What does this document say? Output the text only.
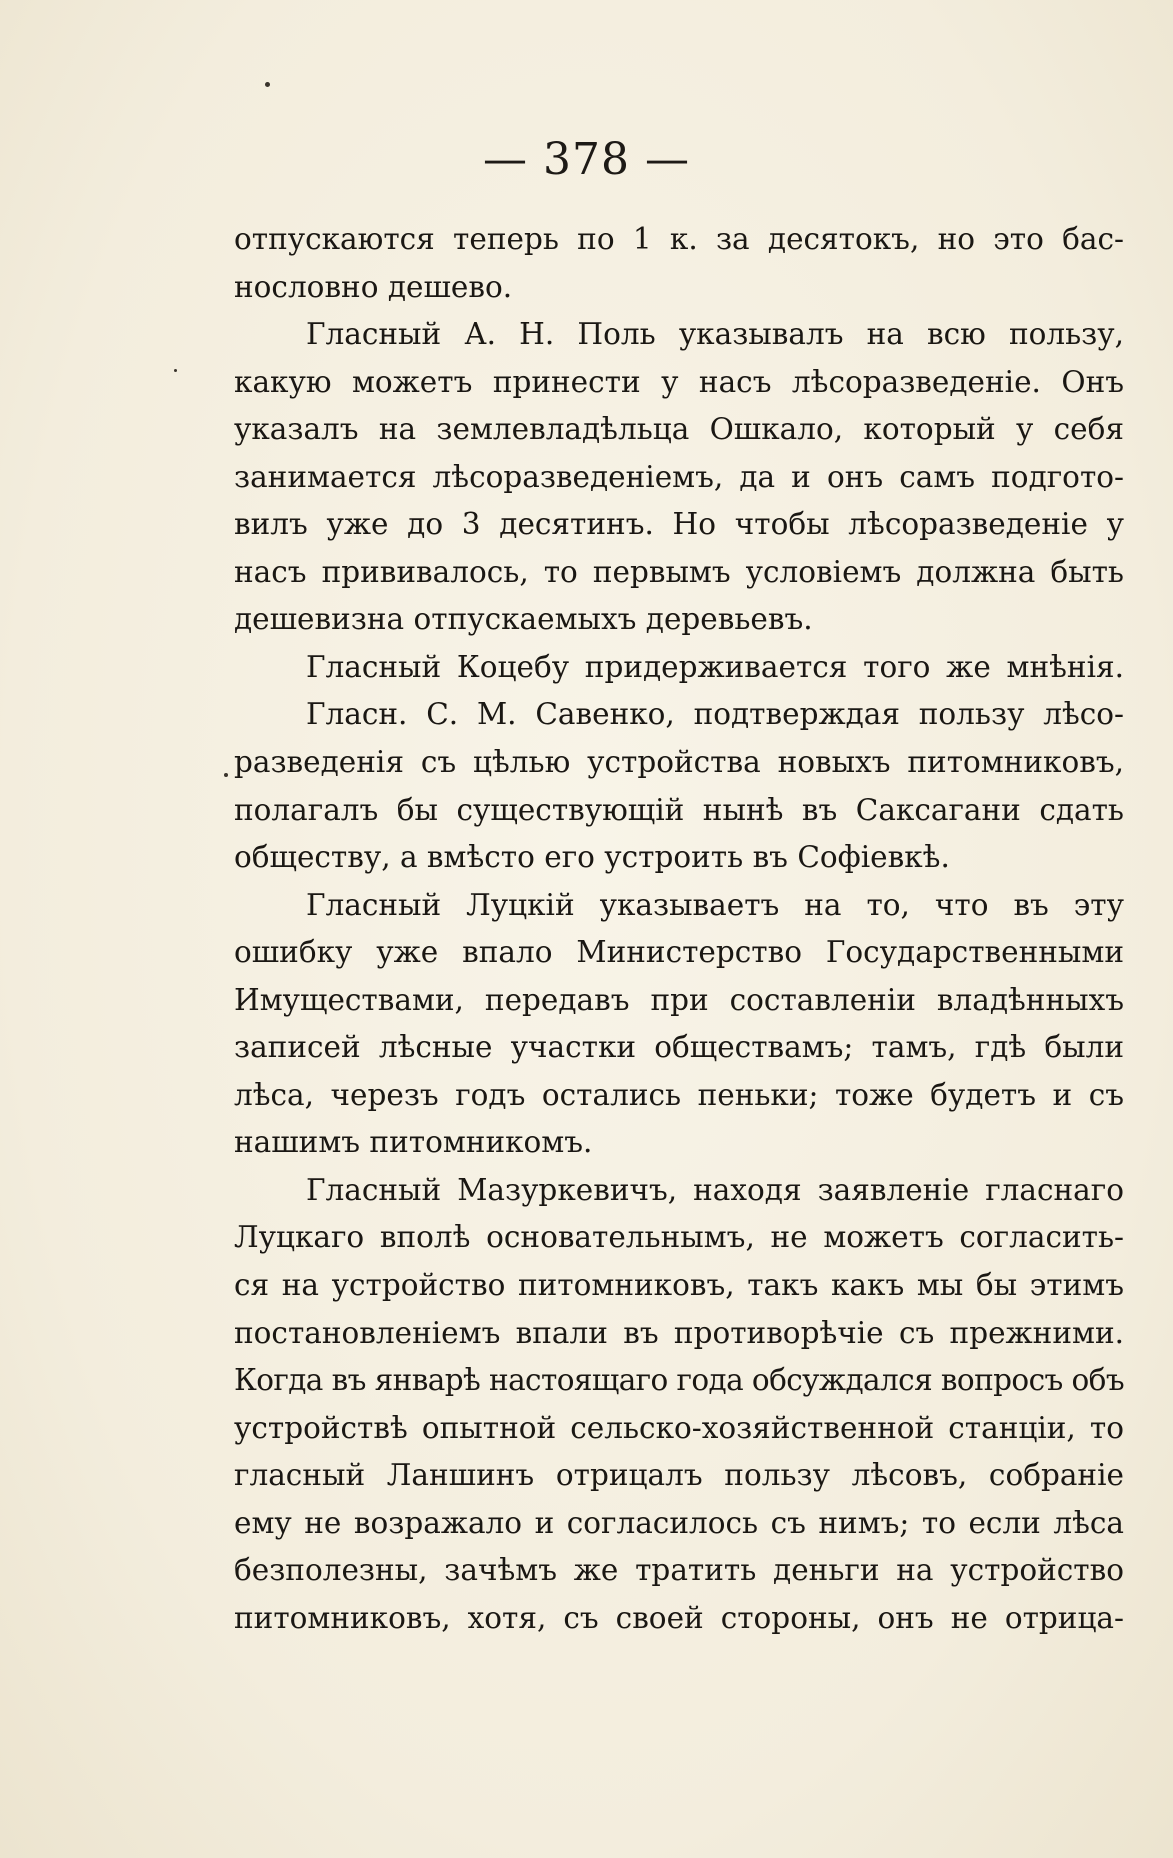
— 378 —
отпускаются теперь по 1 к. за десятокъ, но это бас-
нословно дешево.
Гласный А. Н. Поль указывалъ на всю пользу,
какую можетъ принести у насъ лѣсоразведеніе. Онъ
указалъ на землевладѣльца Ошкало, который у себя
занимается лѣсоразведеніемъ, да и онъ самъ подгото-
вилъ уже до 3 десятинъ. Но чтобы лѣсоразведеніе у
насъ прививалось, то первымъ условіемъ должна быть
дешевизна отпускаемыхъ деревьевъ.
Гласный Коцебу придерживается того же мнѣнія.
Гласн. С. М. Савенко, подтверждая пользу лѣсо-
разведенія съ цѣлью устройства новыхъ питомниковъ,
полагалъ бы существующій нынѣ въ Саксагани сдать
обществу, а вмѣсто его устроить въ Софіевкѣ.
Гласный Луцкій указываетъ на то, что въ эту
ошибку уже впало Министерство Государственными
Имуществами, передавъ при составленіи владѣнныхъ
записей лѣсные участки обществамъ; тамъ, гдѣ были
лѣса, черезъ годъ остались пеньки; тоже будетъ и съ
нашимъ питомникомъ.
Гласный Мазуркевичъ, находя заявленіе гласнаго
Луцкаго вполѣ основательнымъ, не можетъ согласить-
ся на устройство питомниковъ, такъ какъ мы бы этимъ
постановленіемъ впали въ противорѣчіе съ прежними.
Когда въ январѣ настоящаго года обсуждался вопросъ объ
устройствѣ опытной сельско-хозяйственной станціи, то
гласный Ланшинъ отрицалъ пользу лѣсовъ, собраніе
ему не возражало и согласилось съ нимъ; то если лѣса
безполезны, зачѣмъ же тратить деньги на устройство
питомниковъ, хотя, съ своей стороны, онъ не отрица-
